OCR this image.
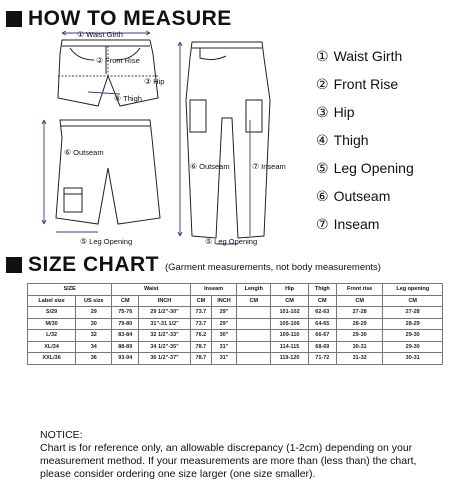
HOW TO MEASURE
① Waist Girth
② Front Rise
③ Hip
④ Thigh
⑥ Outseam
⑤ Leg Opening
⑥ Outseam	⑦ Inseam
⑤ Leg Opening
① Waist Girth
② Front Rise
③ Hip
④ Thigh
⑤ Leg Opening
⑥ Outseam
⑦ Inseam
SIZE CHART (Garment measurements, not body measurements)
SIZE		Waist		Inseam		Length	Hip	Thigh	Front rise	Leg opening
Label size	US size	CM	INCH	CM	INCH	CM	CM	CM	CM	CM
S/29	29	75-76	29 1/2"-30"	73.7	29"		101-102	62-63	27-28	27-28
M/30	30	79-80	31"-31 1/2"	73.7	29"		105-106	64-65	28-29	28-29
L/32	32	83-84	32 1/2"-33"	76.2	30"		109-110	66-67	29-30	29-30
XL/34	34	88-89	34 1/2"-35"	78.7	31"		114-115	68-69	30-31	29-30
XXL/36	36	93-94	36 1/2"-37"	78.7	31"		119-120	71-72	31-32	30-31
NOTICE:
Chart is for reference only, an allowable discrepancy (1-2cm) depending on your measurement method. If your measurements are more than (less than) the chart, please consider ordering one size larger (one size smaller).
